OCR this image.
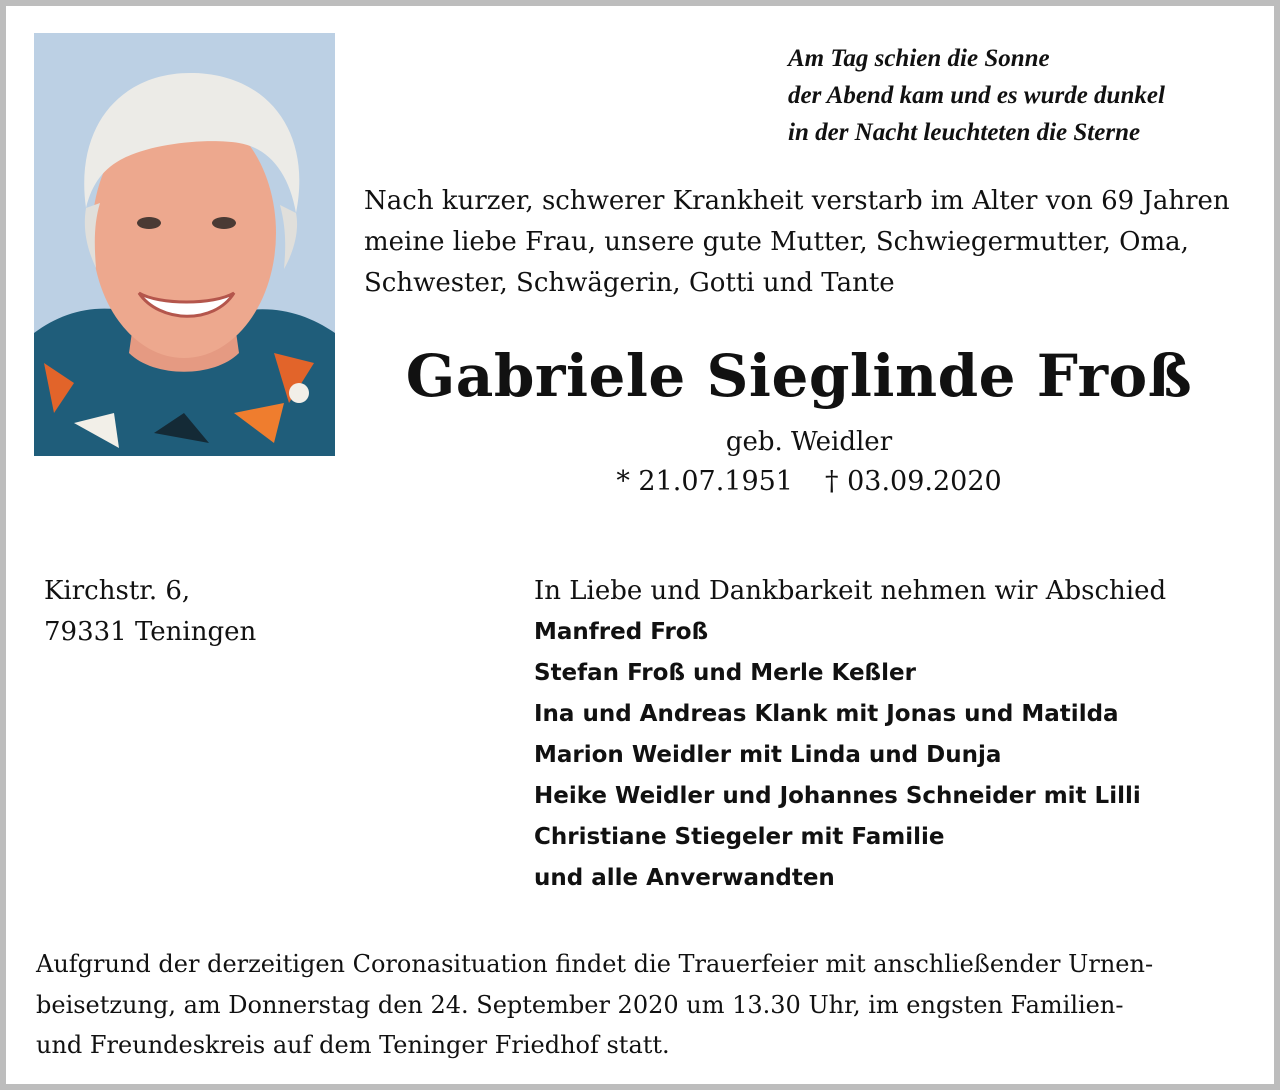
Am Tag schien die Sonne
der Abend kam und es wurde dunkel
in der Nacht leuchteten die Sterne
Nach kurzer, schwerer Krankheit verstarb im Alter von 69 Jahren
meine liebe Frau, unsere gute Mutter, Schwiegermutter, Oma,
Schwester, Schwägerin, Gotti und Tante
Gabriele Sieglinde Froß
geb. Weidler
* 21.07.1951 † 03.09.2020
Kirchstr. 6,
79331 Teningen
In Liebe und Dankbarkeit nehmen wir Abschied
Manfred Froß
Stefan Froß und Merle Keßler
Ina und Andreas Klank mit Jonas und Matilda
Marion Weidler mit Linda und Dunja
Heike Weidler und Johannes Schneider mit Lilli
Christiane Stiegeler mit Familie
und alle Anverwandten
Aufgrund der derzeitigen Coronasituation findet die Trauerfeier mit anschließender Urnen-
beisetzung, am Donnerstag den 24. September 2020 um 13.30 Uhr, im engsten Familien-
und Freundeskreis auf dem Teninger Friedhof statt.
